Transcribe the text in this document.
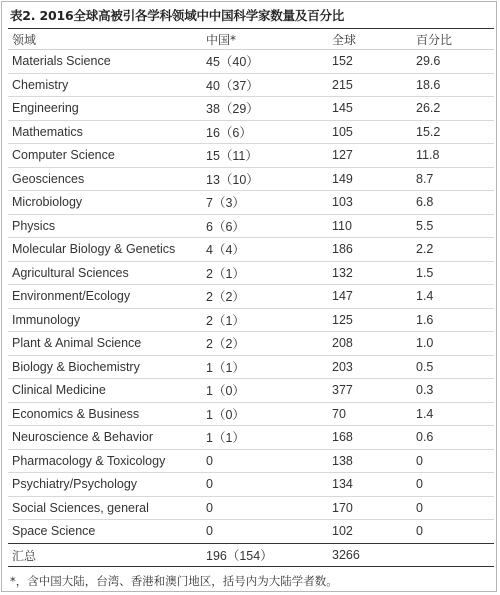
表2. 2016全球高被引各学科领域中中国科学家数量及百分比
领域	中国*	全球	百分比
Materials Science	45（40）	152	29.6
Chemistry	40（37）	215	18.6
Engineering	38（29）	145	26.2
Mathematics	16（6）	105	15.2
Computer Science	15（11）	127	11.8
Geosciences	13（10）	149	8.7
Microbiology	7（3）	103	6.8
Physics	6（6）	110	5.5
Molecular Biology & Genetics 4（4）	186	2.2
Agricultural Sciences	2（1）	132	1.5
Environment/Ecology	2（2）	147	1.4
Immunology	2（1）	125	1.6
Plant & Animal Science	2（2）	208	1.0
Biology & Biochemistry	1（1）	203	0.5
Clinical Medicine	1（0）	377	0.3
Economics & Business	1（0）	70	1.4
Neuroscience & Behavior	1（1）	168	0.6
Pharmacology & Toxicology	0	138	0
Psychiatry/Psychology	0	134	0
Social Sciences, general	0	170	0
Space Science	0	102	0
汇总	196（154）	3266
*，含中国大陆，台湾、香港和澳门地区，括号内为大陆学者数。
